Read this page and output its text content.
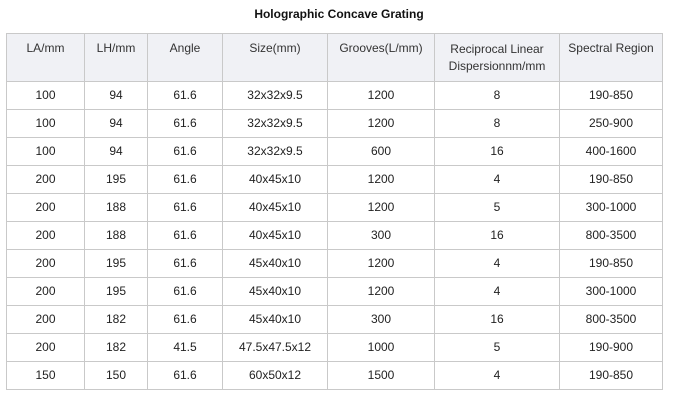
Holographic Concave Grating
LA/mm	LH/mm	Angle	Size(mm)	Grooves(L/mm)	Reciprocal Linear Dispersionnm/mm	Spectral Region
100	94	61.6	32x32x9.5	1200	8	190-850
100	94	61.6	32x32x9.5	1200	8	250-900
100	94	61.6	32x32x9.5	600	16	400-1600
200	195	61.6	40x45x10	1200	4	190-850
200	188	61.6	40x45x10	1200	5	300-1000
200	188	61.6	40x45x10	300	16	800-3500
200	195	61.6	45x40x10	1200	4	190-850
200	195	61.6	45x40x10	1200	4	300-1000
200	182	61.6	45x40x10	300	16	800-3500
200	182	41.5	47.5x47.5x12	1000	5	190-900
150	150	61.6	60x50x12	1500	4	190-850
